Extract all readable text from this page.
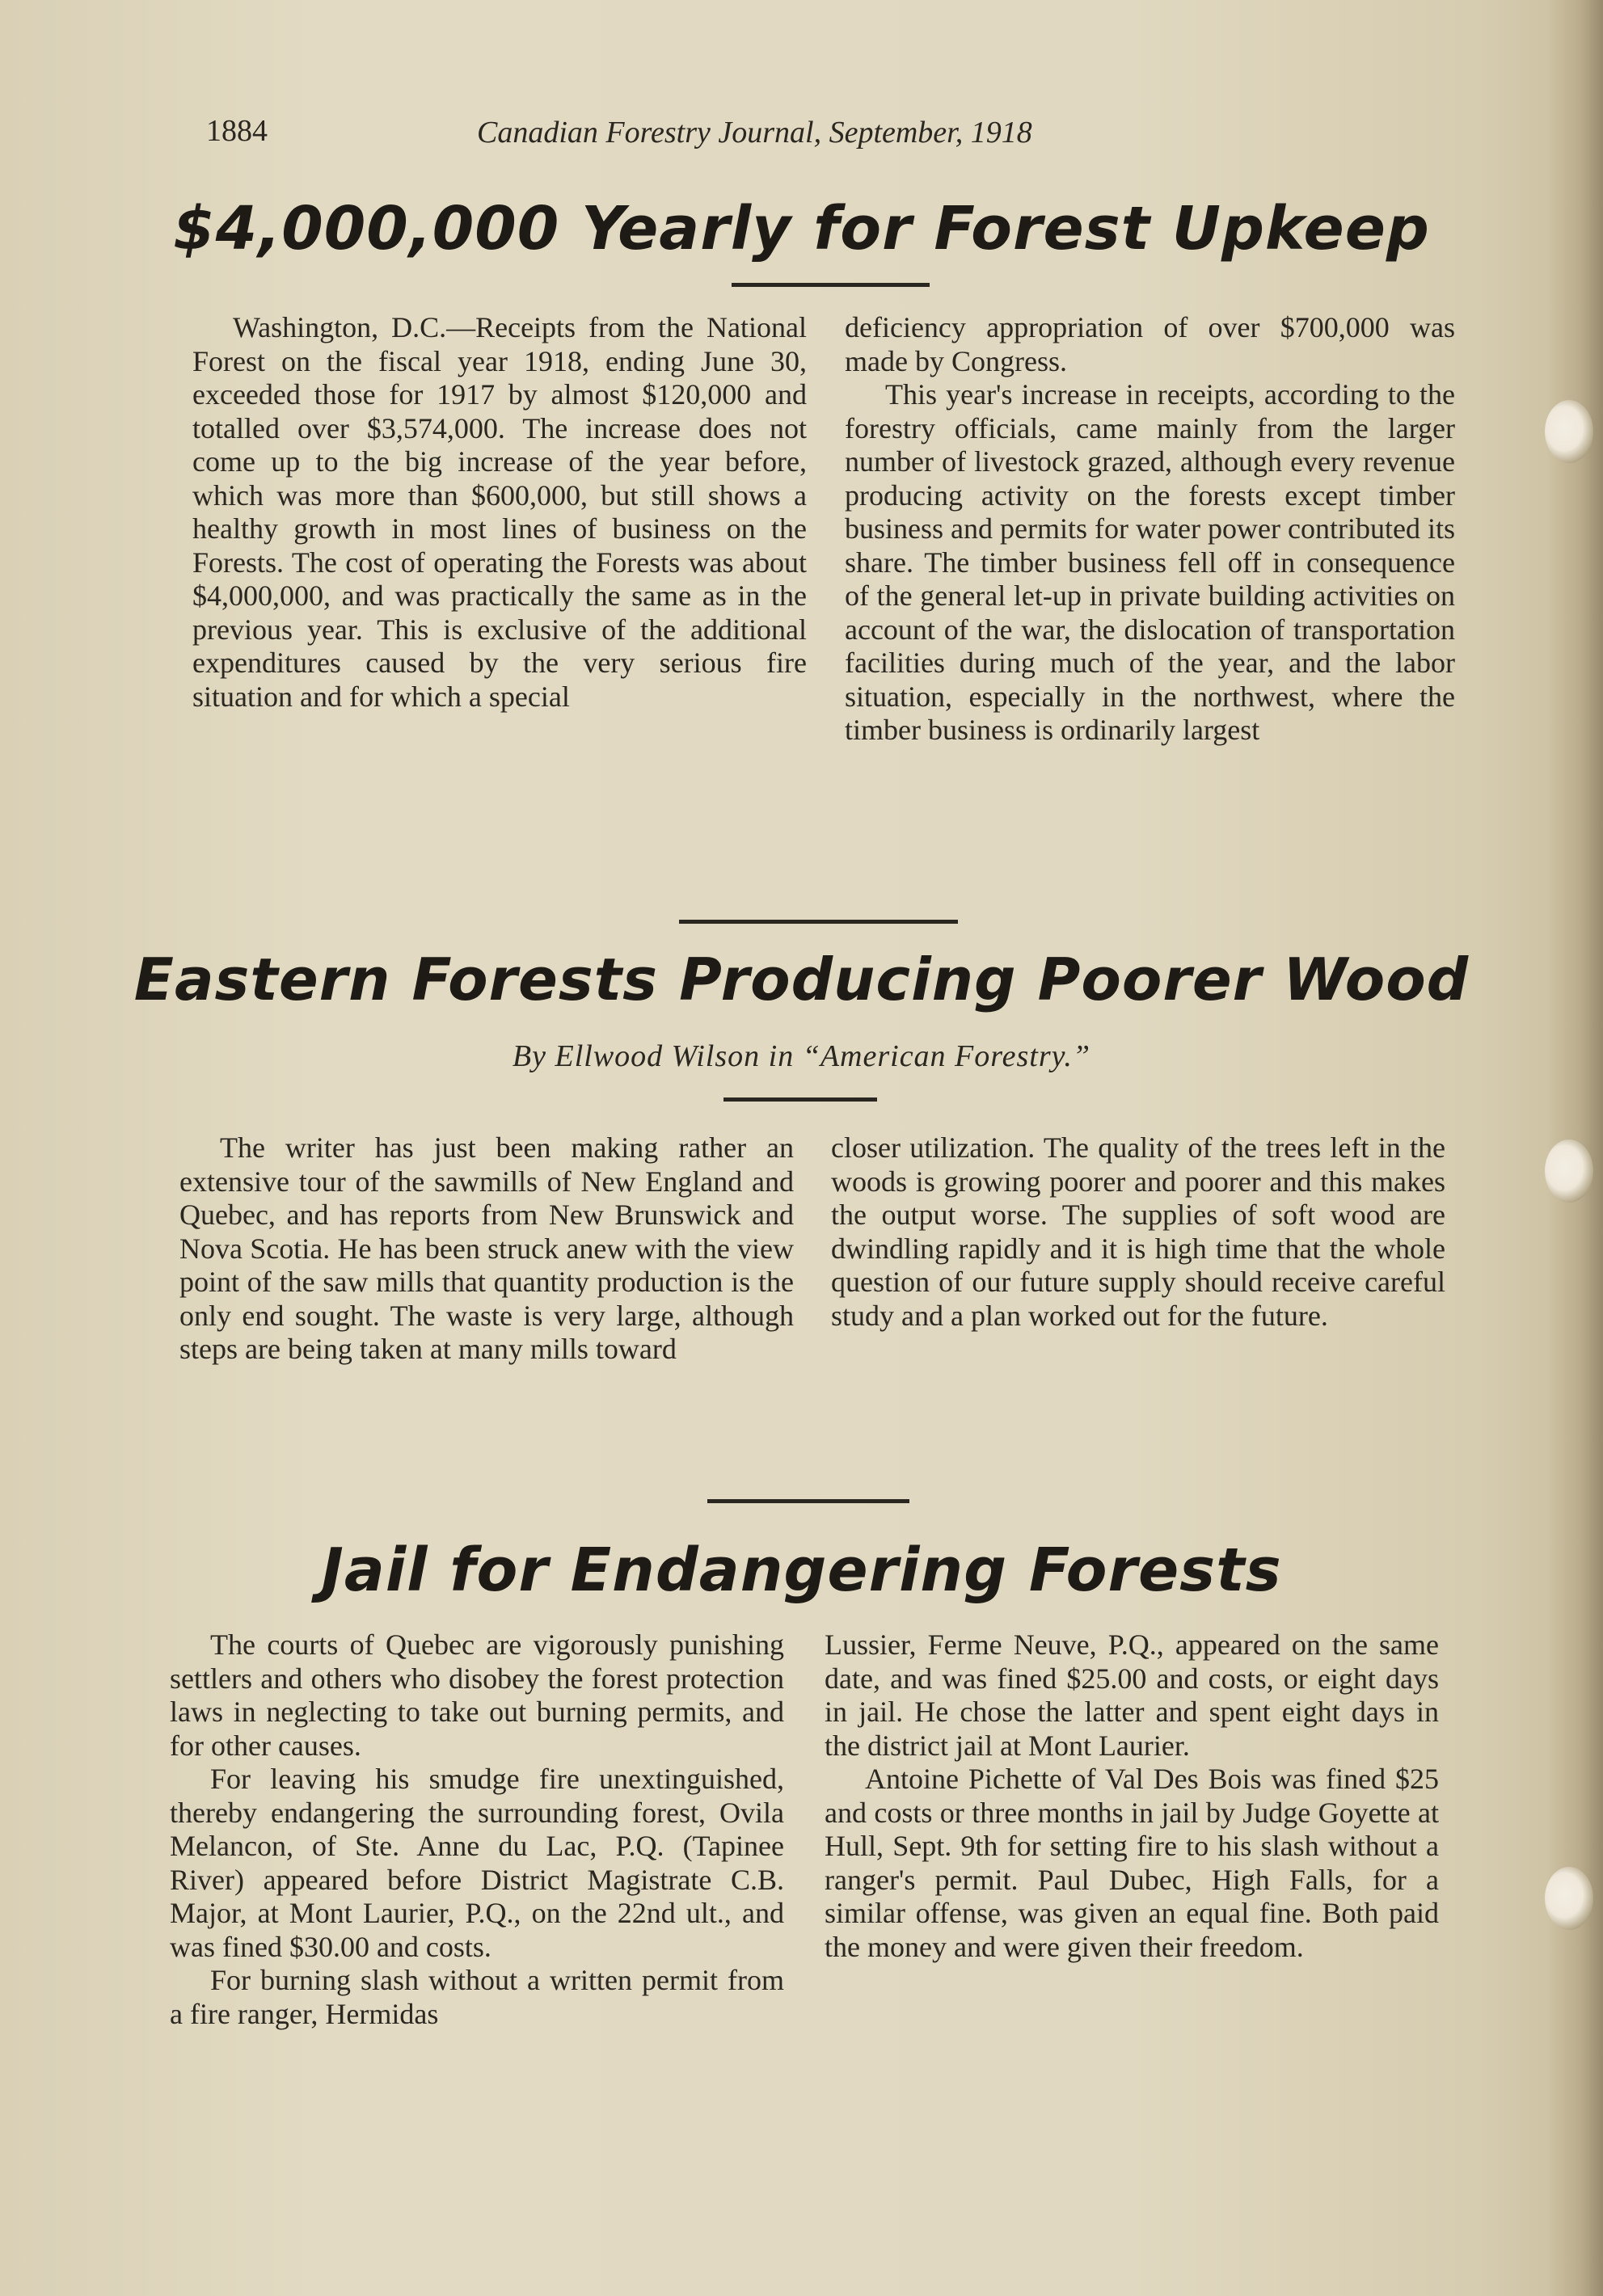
1884	Canadian Forestry Journal, September, 1918
$4,000,000 Yearly for Forest Upkeep

Washington, D.C.—Receipts from the National Forest on the fiscal year 1918, ending June 30, exceeded those for 1917 by almost $120,000 and totalled over $3,574,000. The increase does not come up to the big increase of the year before, which was more than $600,000, but still shows a healthy growth in most lines of business on the Forests. The cost of operating the Forests was about $4,000,000, and was practically the same as in the previous year. This is exclusive of the additional expenditures caused by the very serious fire situation and for which a special

deficiency appropriation of over $700,000 was made by Congress.

This year's increase in receipts, according to the forestry officials, came mainly from the larger number of livestock grazed, although every revenue producing activity on the forests except timber business and permits for water power contributed its share. The timber business fell off in consequence of the general let-up in private building activities on account of the war, the dislocation of transportation facilities during much of the year, and the labor situation, especially in the northwest, where the timber business is ordinarily largest

Eastern Forests Producing Poorer Wood
By Ellwood Wilson in “American Forestry.”

The writer has just been making rather an extensive tour of the sawmills of New England and Quebec, and has reports from New Brunswick and Nova Scotia. He has been struck anew with the view point of the saw mills that quantity production is the only end sought. The waste is very large, although steps are being taken at many mills toward

closer utilization. The quality of the trees left in the woods is growing poorer and poorer and this makes the output worse. The supplies of soft wood are dwindling rapidly and it is high time that the whole question of our future supply should receive careful study and a plan worked out for the future.

Jail for Endangering Forests

The courts of Quebec are vigorously punishing settlers and others who disobey the forest protection laws in neglecting to take out burning permits, and for other causes.

For leaving his smudge fire unextinguished, thereby endangering the surrounding forest, Ovila Melancon, of Ste. Anne du Lac, P.Q. (Tapinee River) appeared before District Magistrate C.B. Major, at Mont Laurier, P.Q., on the 22nd ult., and was fined $30.00 and costs.

For burning slash without a written permit from a fire ranger, Hermidas

Lussier, Ferme Neuve, P.Q., appeared on the same date, and was fined $25.00 and costs, or eight days in jail. He chose the latter and spent eight days in the district jail at Mont Laurier.

Antoine Pichette of Val Des Bois was fined $25 and costs or three months in jail by Judge Goyette at Hull, Sept. 9th for setting fire to his slash without a ranger's permit. Paul Dubec, High Falls, for a similar offense, was given an equal fine. Both paid the money and were given their freedom.
